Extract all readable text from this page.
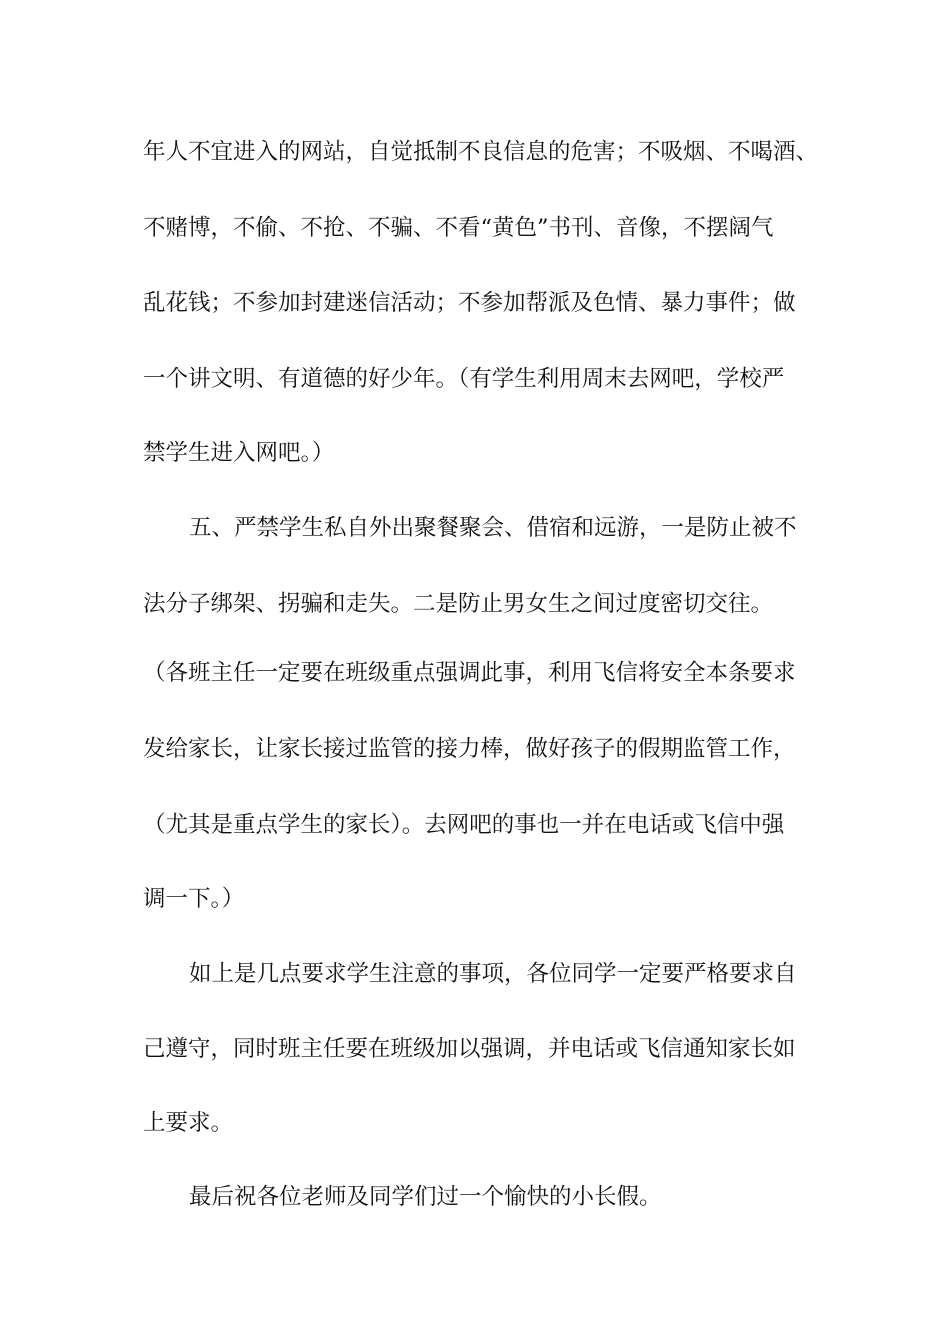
年人不宜进入的网站，自觉抵制不良信息的危害；不吸烟、不喝酒、
不赌博，不偷、不抢、不骗、不看“黄色”书刊、音像，不摆阔气
乱花钱；不参加封建迷信活动；不参加帮派及色情、暴力事件；做
一个讲文明、有道德的好少年。（有学生利用周末去网吧，学校严
禁学生进入网吧。）
五、严禁学生私自外出聚餐聚会、借宿和远游，一是防止被不
法分子绑架、拐骗和走失。二是防止男女生之间过度密切交往。
（各班主任一定要在班级重点强调此事，利用飞信将安全本条要求
发给家长，让家长接过监管的接力棒，做好孩子的假期监管工作，
（尤其是重点学生的家长）。去网吧的事也一并在电话或飞信中强
调一下。）
如上是几点要求学生注意的事项，各位同学一定要严格要求自
己遵守，同时班主任要在班级加以强调，并电话或飞信通知家长如
上要求。
最后祝各位老师及同学们过一个愉快的小长假。
